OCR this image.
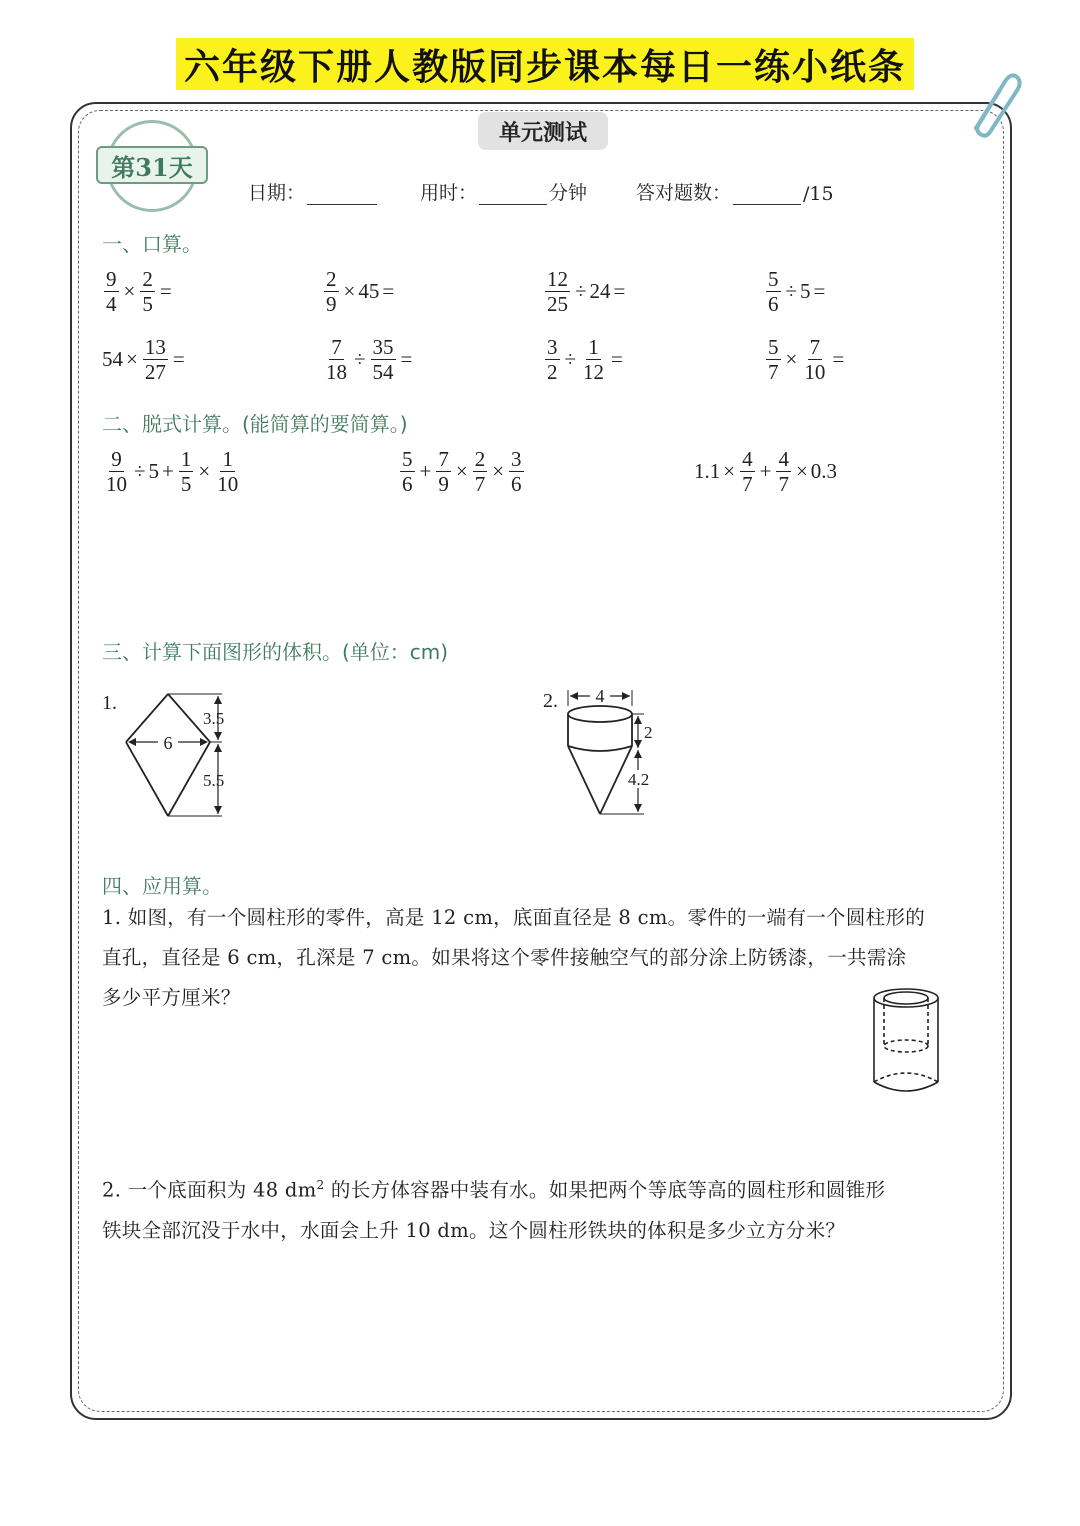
六年级下册人教版同步课本每日一练小纸条
单元测试
第31天
日期：	用时：	分钟	答对题数：	/15
一、口算。
$\frac{9}{4} \times \frac{2}{5}$ =	$\frac{2}{9} \times 45$ =	$\frac{12}{25} \div 24$ =	$\frac{5}{6} \div 5$ =
$54 \times \frac{13}{27}$ =	$\frac{7}{18} \div \frac{35}{54}$ =	$\frac{3}{2} \div \frac{1}{12}$ =	$\frac{5}{7} \times \frac{7}{10}$ =
二、脱式计算。(能简算的要简算。)
$\frac{9}{10} \div 5 + \frac{1}{5} \times \frac{1}{10}$	$\frac{5}{6} + \frac{7}{9} \times \frac{2}{7} \times \frac{3}{6}$	$1.1 \times \frac{4}{7} + \frac{4}{7} \times 0.3$
三、计算下面图形的体积。(单位：cm)
1.
6
3.5
5.5
2. 4
2
4.2
四、应用算。
1. 如图，有一个圆柱形的零件，高是 12 cm，底面直径是 8 cm。零件的一端有一个圆柱形的
直孔，直径是 6 cm，孔深是 7 cm。如果将这个零件接触空气的部分涂上防锈漆，一共需涂
多少平方厘米？
2. 一个底面积为 48 $dm^2$ 的长方体容器中装有水。如果把两个等底等高的圆柱形和圆锥形
铁块全部沉没于水中，水面会上升 10 dm。这个圆柱形铁块的体积是多少立方分米？
